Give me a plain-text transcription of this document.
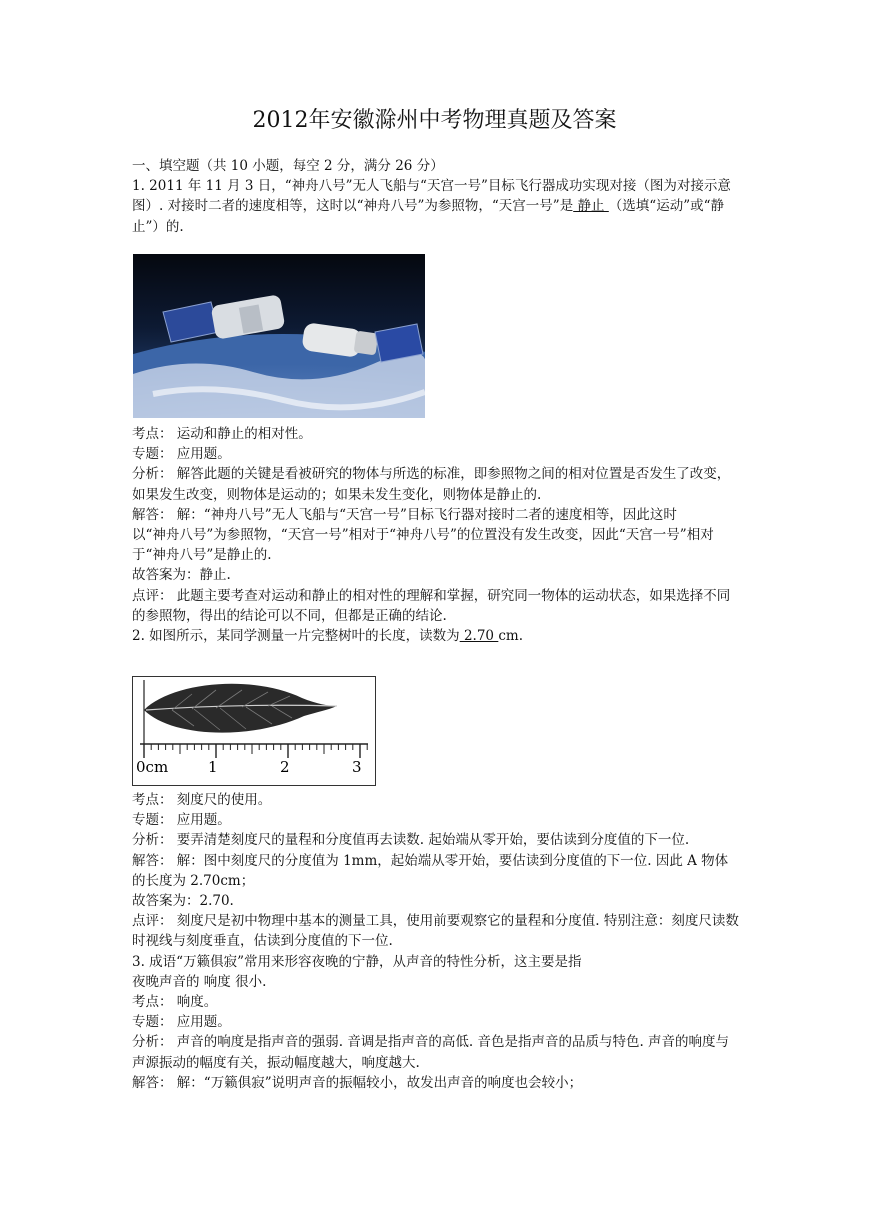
2012年安徽滁州中考物理真题及答案

一、填空题（共 10 小题，每空 2 分，满分 26 分）

1. 2011 年 11 月 3 日，“神舟八号”无人飞船与“天宫一号”目标飞行器成功实现对接（图为对接示意图）. 对接时二者的速度相等，这时以“神舟八号”为参照物，“天宫一号”是 静止 （选填“运动”或“静止”）的.

考点： 运动和静止的相对性。

专题： 应用题。

分析： 解答此题的关键是看被研究的物体与所选的标准，即参照物之间的相对位置是否发生了改变，如果发生改变，则物体是运动的；如果未发生变化，则物体是静止的.

解答： 解：“神舟八号”无人飞船与“天宫一号”目标飞行器对接时二者的速度相等，因此这时

以“神舟八号”为参照物，“天宫一号”相对于“神舟八号”的位置没有发生改变，因此“天宫一号”相对于“神舟八号”是静止的.

故答案为：静止.

点评： 此题主要考查对运动和静止的相对性的理解和掌握，研究同一物体的运动状态，如果选择不同的参照物，得出的结论可以不同，但都是正确的结论.

2. 如图所示，某同学测量一片完整树叶的长度，读数为 2.70 cm.

0cm	1	2	3

考点： 刻度尺的使用。

专题： 应用题。

分析： 要弄清楚刻度尺的量程和分度值再去读数. 起始端从零开始，要估读到分度值的下一位.

解答： 解：图中刻度尺的分度值为 1mm，起始端从零开始，要估读到分度值的下一位. 因此 A 物体的长度为 2.70cm；

故答案为：2.70.

点评： 刻度尺是初中物理中基本的测量工具，使用前要观察它的量程和分度值. 特别注意：刻度尺读数时视线与刻度垂直，估读到分度值的下一位.

3. 成语“万籁俱寂”常用来形容夜晚的宁静，从声音的特性分析，这主要是指

夜晚声音的 响度 很小.

考点： 响度。

专题： 应用题。

分析： 声音的响度是指声音的强弱. 音调是指声音的高低. 音色是指声音的品质与特色. 声音的响度与声源振动的幅度有关，振动幅度越大，响度越大.

解答： 解：“万籁俱寂”说明声音的振幅较小，故发出声音的响度也会较小；
